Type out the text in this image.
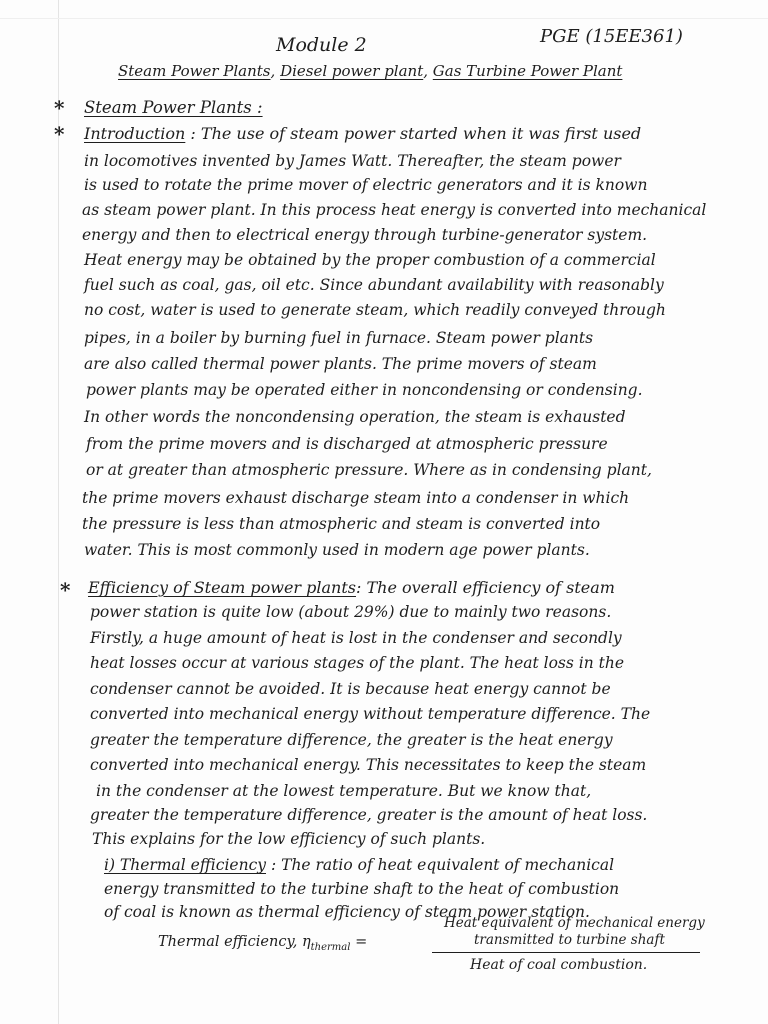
Module 2	PGE (15EE361)
Steam Power Plants, Diesel power plant, Gas Turbine Power Plant
* Steam Power Plants :
* Introduction : The use of steam power started when it was first used
in locomotives invented by James Watt. Thereafter, the steam power
is used to rotate the prime mover of electric generators and it is known
as steam power plant. In this process heat energy is converted into mechanical
energy and then to electrical energy through turbine-generator system.
Heat energy may be obtained by the proper combustion of a commercial
fuel such as coal, gas, oil etc. Since abundant availability with reasonably
no cost, water is used to generate steam, which readily conveyed through
pipes, in a boiler by burning fuel in furnace. Steam power plants
are also called thermal power plants. The prime movers of steam
power plants may be operated either in noncondensing or condensing.
In other words the noncondensing operation, the steam is exhausted
from the prime movers and is discharged at atmospheric pressure
or at greater than atmospheric pressure. Where as in condensing plant,
the prime movers exhaust discharge steam into a condenser in which
the pressure is less than atmospheric and steam is converted into
water. This is most commonly used in modern age power plants.
* Efficiency of Steam power plants: The overall efficiency of steam
power station is quite low (about 29%) due to mainly two reasons.
Firstly, a huge amount of heat is lost in the condenser and secondly
heat losses occur at various stages of the plant. The heat loss in the
condenser cannot be avoided. It is because heat energy cannot be
converted into mechanical energy without temperature difference. The
greater the temperature difference, the greater is the heat energy
converted into mechanical energy. This necessitates to keep the steam
in the condenser at the lowest temperature. But we know that,
greater the temperature difference, greater is the amount of heat loss.
This explains for the low efficiency of such plants.
i) Thermal efficiency : The ratio of heat equivalent of mechanical
energy transmitted to the turbine shaft to the heat of combustion
of coal is known as thermal efficiency of steam power station.
Thermal efficiency, $\eta_{thermal}$ =
Heat equivalent of mechanical energy
transmitted to turbine shaft
Heat of coal combustion.
